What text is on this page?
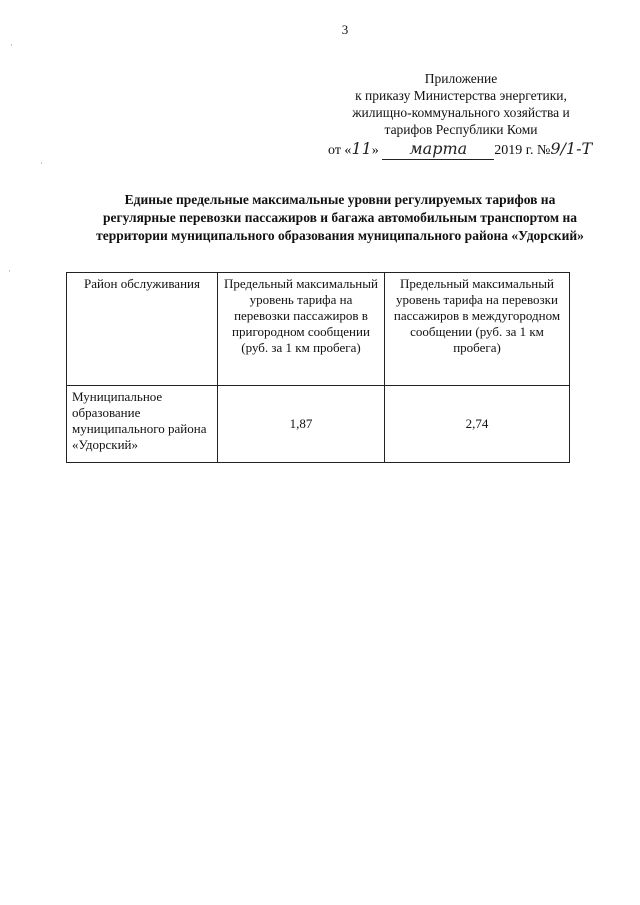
3
Приложение
к приказу Министерства энергетики,
жилищно-коммунального хозяйства и
тарифов Республики Коми
от «11» марта 2019 г. №9/1-Т
Единые предельные максимальные уровни регулируемых тарифов на
регулярные перевозки пассажиров и багажа автомобильным транспортом на
территории муниципального образования муниципального района «Удорский»
Район обслуживания	Предельный максимальный уровень тарифа на перевозки пассажиров в пригородном сообщении (руб. за 1 км пробега)	Предельный максимальный уровень тарифа на перевозки пассажиров в междугородном сообщении (руб. за 1 км пробега)
Муниципальное образование муниципального района «Удорский»	1,87	2,74
·
·
·
